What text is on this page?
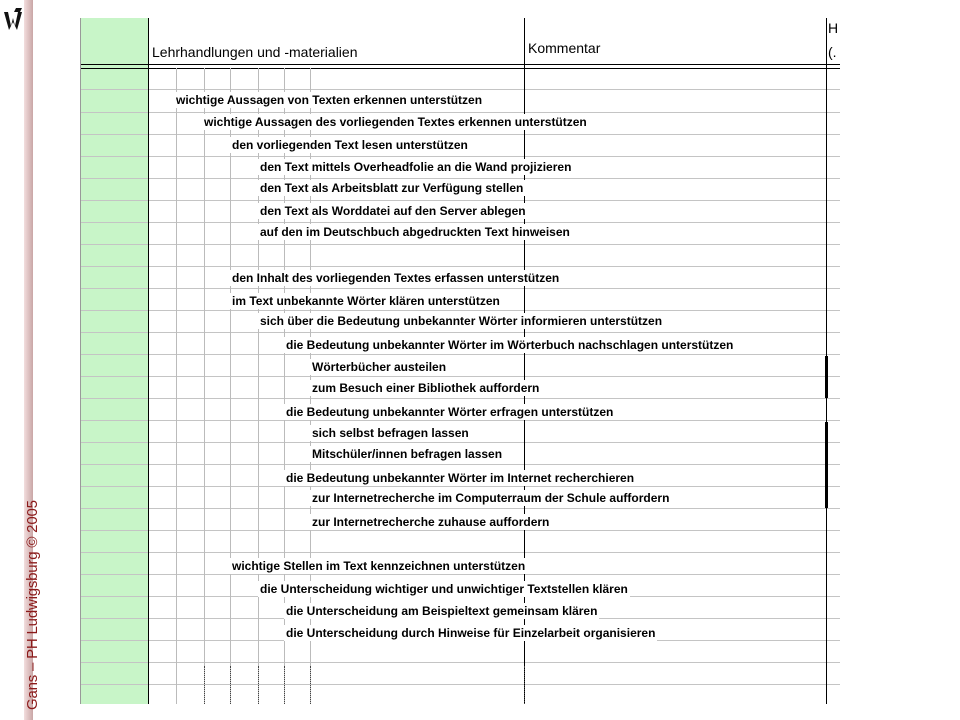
Gans – PH Ludwigsburg © 2005
Lehrhandlungen und -materialien	Kommentar
H
(.
wichtige Aussagen von Texten erkennen unterstützen
wichtige Aussagen des vorliegenden Textes erkennen unterstützen
den vorliegenden Text lesen unterstützen
den Text mittels Overheadfolie an die Wand projizieren
den Text als Arbeitsblatt zur Verfügung stellen
den Text als Worddatei auf den Server ablegen
auf den im Deutschbuch abgedruckten Text hinweisen
den Inhalt des vorliegenden Textes erfassen unterstützen
im Text unbekannte Wörter klären unterstützen
sich über die Bedeutung unbekannter Wörter informieren unterstützen
die Bedeutung unbekannter Wörter im Wörterbuch nachschlagen unterstützen
Wörterbücher austeilen
zum Besuch einer Bibliothek auffordern
die Bedeutung unbekannter Wörter erfragen unterstützen
sich selbst befragen lassen
Mitschüler/innen befragen lassen
die Bedeutung unbekannter Wörter im Internet recherchieren
zur Internetrecherche im Computerraum der Schule auffordern
zur Internetrecherche zuhause auffordern
wichtige Stellen im Text kennzeichnen unterstützen
die Unterscheidung wichtiger und unwichtiger Textstellen klären
die Unterscheidung am Beispieltext gemeinsam klären
die Unterscheidung durch Hinweise für Einzelarbeit organisieren
